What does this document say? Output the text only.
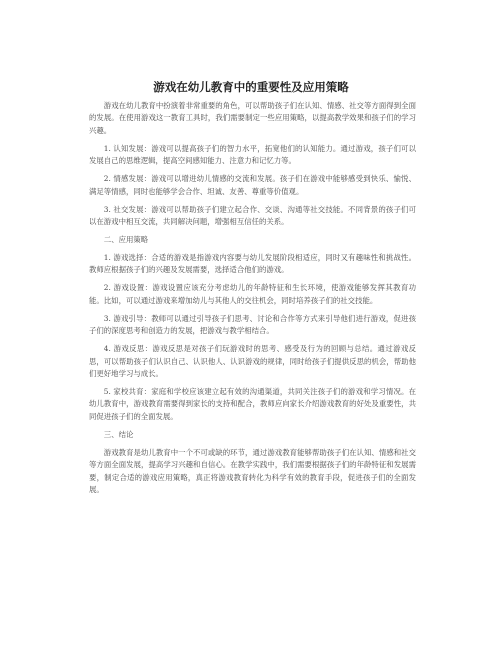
游戏在幼儿教育中的重要性及应用策略

游戏在幼儿教育中扮演着非常重要的角色，可以帮助孩子们在认知、情感、社交等方面得到全面的发展。在使用游戏这一教育工具时，我们需要制定一些应用策略，以提高教学效果和孩子们的学习兴趣。

1. 认知发展：游戏可以提高孩子们的智力水平，拓宽他们的认知能力。通过游戏，孩子们可以发展自己的思维逻辑，提高空间感知能力、注意力和记忆力等。

2. 情感发展：游戏可以增进幼儿情感的交流和发展。孩子们在游戏中能够感受到快乐、愉悦、满足等情感，同时也能够学会合作、坦诚、友善、尊重等价值观。

3. 社交发展：游戏可以帮助孩子们建立起合作、交谈、沟通等社交技能。不同背景的孩子们可以在游戏中相互交流，共同解决问题，增强相互信任的关系。

二、应用策略

1. 游戏选择：合适的游戏是指游戏内容要与幼儿发展阶段相适应，同时又有趣味性和挑战性。教师应根据孩子们的兴趣及发展需要，选择适合他们的游戏。

2. 游戏设置：游戏设置应该充分考虑幼儿的年龄特征和生长环境，使游戏能够发挥其教育功能。比如，可以通过游戏来增加幼儿与其他人的交往机会，同时培养孩子们的社交技能。

3. 游戏引导：教师可以通过引导孩子们思考、讨论和合作等方式来引导他们进行游戏，促进孩子们的深度思考和创造力的发展，把游戏与教学相结合。

4. 游戏反思：游戏反思是对孩子们玩游戏时的思考、感受及行为的回顾与总结。通过游戏反思，可以帮助孩子们认识自己、认识他人、认识游戏的规律，同时给孩子们提供反思的机会，帮助他们更好地学习与成长。

5. 家校共育：家庭和学校应该建立起有效的沟通渠道，共同关注孩子们的游戏和学习情况。在幼儿教育中，游戏教育需要得到家长的支持和配合，教师应向家长介绍游戏教育的好处及重要性，共同促进孩子们的全面发展。

三、结论

游戏教育是幼儿教育中一个不可或缺的环节，通过游戏教育能够帮助孩子们在认知、情感和社交等方面全面发展，提高学习兴趣和自信心。在教学实践中，我们需要根据孩子们的年龄特征和发展需要，制定合适的游戏应用策略，真正将游戏教育转化为科学有效的教育手段，促进孩子们的全面发展。
